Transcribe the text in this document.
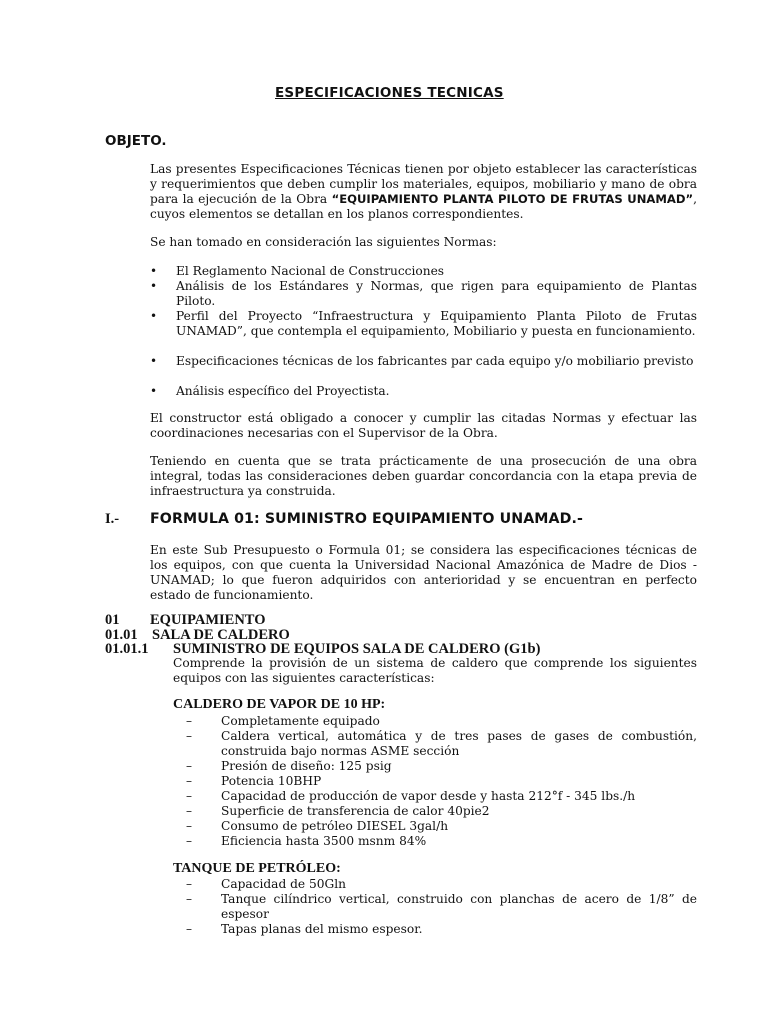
ESPECIFICACIONES TECNICAS
OBJETO.
Las presentes Especificaciones Técnicas tienen por objeto establecer las características y requerimientos que deben cumplir los materiales, equipos, mobiliario y mano de obra para la ejecución de la Obra “EQUIPAMIENTO PLANTA PILOTO DE FRUTAS UNAMAD”, cuyos elementos se detallan en los planos correspondientes.
Se han tomado en consideración las siguientes Normas:
• El Reglamento Nacional de Construcciones
• Análisis de los Estándares y Normas, que rigen para equipamiento de Plantas Piloto.
• Perfil del Proyecto “Infraestructura y Equipamiento Planta Piloto de Frutas UNAMAD”, que contempla el equipamiento, Mobiliario y puesta en funcionamiento.
• Especificaciones técnicas de los fabricantes par cada equipo y/o mobiliario previsto
• Análisis específico del Proyectista.
El constructor está obligado a conocer y cumplir las citadas Normas y efectuar las coordinaciones necesarias con el Supervisor de la Obra.
Teniendo en cuenta que se trata prácticamente de una prosecución de una obra integral, todas las consideraciones deben guardar concordancia con la etapa previa de infraestructura ya construida.
I.- FORMULA 01: SUMINISTRO EQUIPAMIENTO UNAMAD.-
En este Sub Presupuesto o Formula 01; se considera las especificaciones técnicas de los equipos, con que cuenta la Universidad Nacional Amazónica de Madre de Dios - UNAMAD; lo que fueron adquiridos con anterioridad y se encuentran en perfecto estado de funcionamiento.
01 EQUIPAMIENTO
01.01 SALA DE CALDERO
01.01.1 SUMINISTRO DE EQUIPOS SALA DE CALDERO (G1b)
Comprende la provisión de un sistema de caldero que comprende los siguientes equipos con las siguientes características:
CALDERO DE VAPOR DE 10 HP:
– Completamente equipado
– Caldera vertical, automática y de tres pases de gases de combustión, construida bajo normas ASME sección
– Presión de diseño: 125 psig
– Potencia 10BHP
– Capacidad de producción de vapor desde y hasta 212°f - 345 lbs./h
– Superficie de transferencia de calor 40pie2
– Consumo de petróleo DIESEL 3gal/h
– Eficiencia hasta 3500 msnm 84%
TANQUE DE PETRÓLEO:
– Capacidad de 50Gln
– Tanque cilíndrico vertical, construido con planchas de acero de 1/8” de espesor
– Tapas planas del mismo espesor.
